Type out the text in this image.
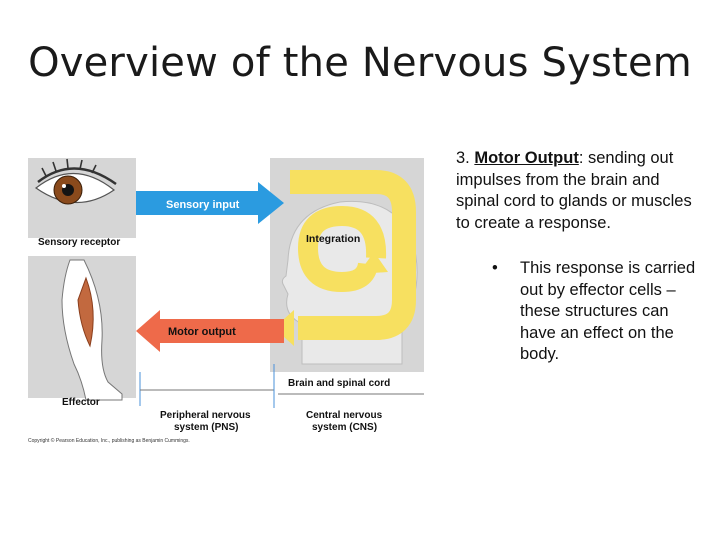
Overview of the Nervous System
Sensory input
Motor output
Integration
Sensory receptor
Effector
Brain and spinal cord
Peripheral nervous
system (PNS)
Central nervous
system (CNS)
Copyright © Pearson Education, Inc., publishing as Benjamin Cummings.

3. Motor Output: sending out impulses from the brain and spinal cord to glands or muscles to create a response.

• This response is carried out by effector cells – these structures can have an effect on the body.
